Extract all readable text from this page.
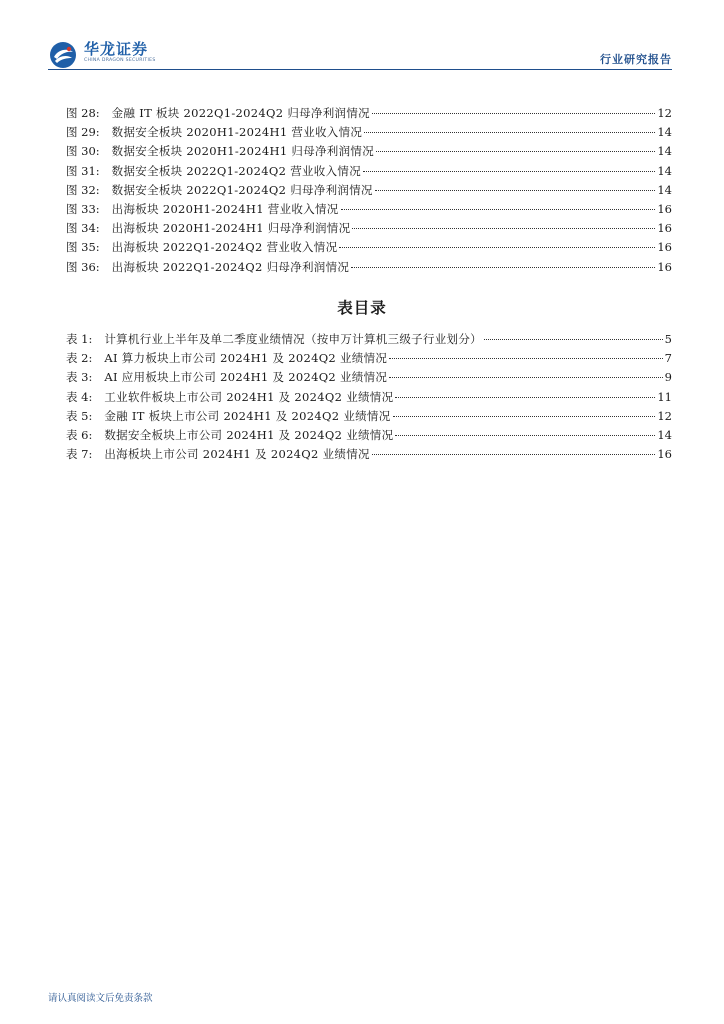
华龙证券
CHINA DRAGON SECURITIES	行业研究报告
图 28: 金融 IT 板块 2022Q1-2024Q2 归母净利润情况	12
图 29: 数据安全板块 2020H1-2024H1 营业收入情况	14
图 30: 数据安全板块 2020H1-2024H1 归母净利润情况	14
图 31: 数据安全板块 2022Q1-2024Q2 营业收入情况	14
图 32: 数据安全板块 2022Q1-2024Q2 归母净利润情况	14
图 33: 出海板块 2020H1-2024H1 营业收入情况	16
图 34: 出海板块 2020H1-2024H1 归母净利润情况	16
图 35: 出海板块 2022Q1-2024Q2 营业收入情况	16
图 36: 出海板块 2022Q1-2024Q2 归母净利润情况	16
表目录
表 1: 计算机行业上半年及单二季度业绩情况（按申万计算机三级子行业划分）	5
表 2: AI 算力板块上市公司 2024H1 及 2024Q2 业绩情况	7
表 3: AI 应用板块上市公司 2024H1 及 2024Q2 业绩情况	9
表 4: 工业软件板块上市公司 2024H1 及 2024Q2 业绩情况	11
表 5: 金融 IT 板块上市公司 2024H1 及 2024Q2 业绩情况	12
表 6: 数据安全板块上市公司 2024H1 及 2024Q2 业绩情况	14
表 7: 出海板块上市公司 2024H1 及 2024Q2 业绩情况	16
请认真阅读文后免责条款
